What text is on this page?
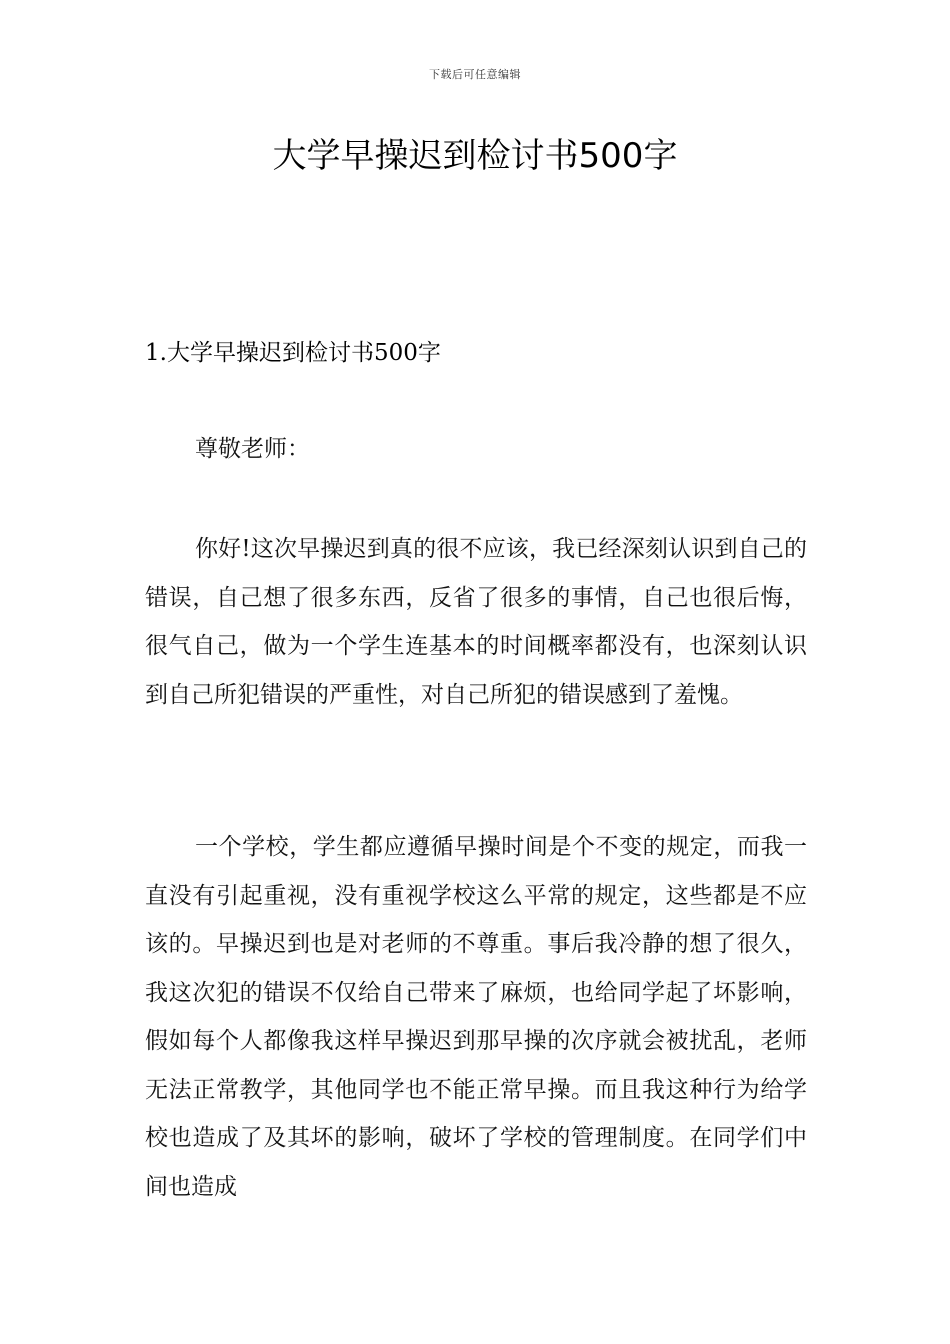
下载后可任意编辑
大学早操迟到检讨书500字

1.大学早操迟到检讨书500字

尊敬老师：

你好!这次早操迟到真的很不应该，我已经深刻认识到自己的错误，自己想了很多东西，反省了很多的事情，自己也很后悔，很气自己，做为一个学生连基本的时间概率都没有，也深刻认识到自己所犯错误的严重性，对自己所犯的错误感到了羞愧。

一个学校，学生都应遵循早操时间是个不变的规定，而我一直没有引起重视，没有重视学校这么平常的规定，这些都是不应该的。早操迟到也是对老师的不尊重。事后我冷静的想了很久，我这次犯的错误不仅给自己带来了麻烦，也给同学起了坏影响，假如每个人都像我这样早操迟到那早操的次序就会被扰乱，老师无法正常教学，其他同学也不能正常早操。而且我这种行为给学校也造成了及其坏的影响，破坏了学校的管理制度。在同学们中间也造成
